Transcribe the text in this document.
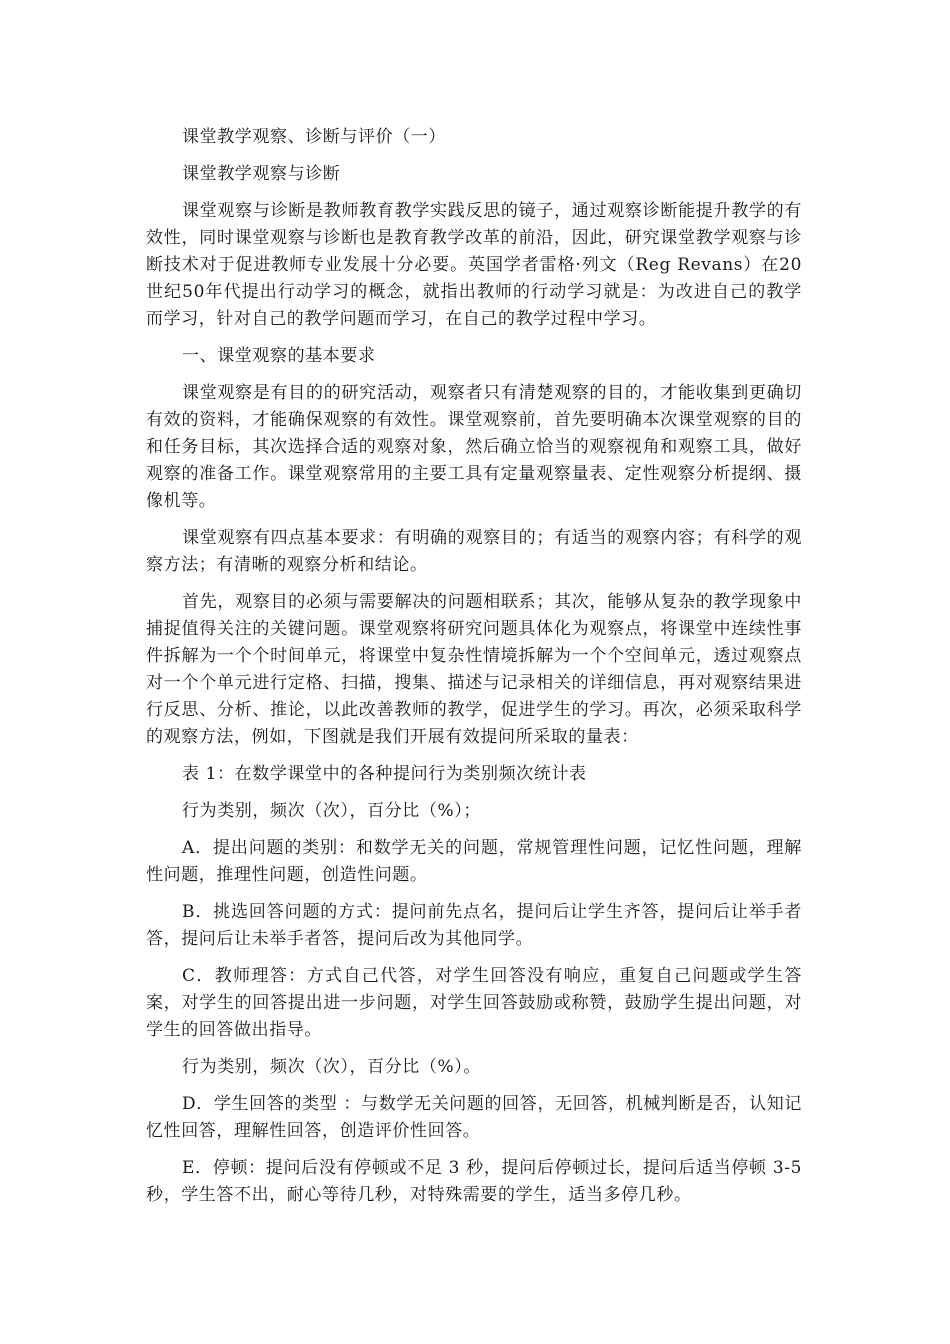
课堂教学观察、诊断与评价（一）

课堂教学观察与诊断

课堂观察与诊断是教师教育教学实践反思的镜子，通过观察诊断能提升教学的有效性，同时课堂观察与诊断也是教育教学改革的前沿，因此，研究课堂教学观察与诊断技术对于促进教师专业发展十分必要。英国学者雷格·列文（Reg Revans）在20世纪50年代提出行动学习的概念，就指出教师的行动学习就是：为改进自己的教学而学习，针对自己的教学问题而学习，在自己的教学过程中学习。

一、课堂观察的基本要求

课堂观察是有目的的研究活动，观察者只有清楚观察的目的，才能收集到更确切有效的资料，才能确保观察的有效性。课堂观察前，首先要明确本次课堂观察的目的和任务目标，其次选择合适的观察对象，然后确立恰当的观察视角和观察工具，做好观察的准备工作。课堂观察常用的主要工具有定量观察量表、定性观察分析提纲、摄像机等。

课堂观察有四点基本要求：有明确的观察目的；有适当的观察内容；有科学的观察方法；有清晰的观察分析和结论。

首先，观察目的必须与需要解决的问题相联系；其次，能够从复杂的教学现象中捕捉值得关注的关键问题。课堂观察将研究问题具体化为观察点，将课堂中连续性事件拆解为一个个时间单元，将课堂中复杂性情境拆解为一个个空间单元，透过观察点对一个个单元进行定格、扫描，搜集、描述与记录相关的详细信息，再对观察结果进行反思、分析、推论，以此改善教师的教学，促进学生的学习。再次，必须采取科学的观察方法，例如，下图就是我们开展有效提问所采取的量表：

表 1：在数学课堂中的各种提问行为类别频次统计表

行为类别，频次（次），百分比（%）；

A．提出问题的类别：和数学无关的问题，常规管理性问题，记忆性问题，理解性问题，推理性问题，创造性问题。

B．挑选回答问题的方式：提问前先点名，提问后让学生齐答，提问后让举手者答，提问后让未举手者答，提问后改为其他同学。

C．教师理答：方式自己代答，对学生回答没有响应，重复自己问题或学生答案，对学生的回答提出进一步问题，对学生回答鼓励或称赞，鼓励学生提出问题，对学生的回答做出指导。

行为类别，频次（次），百分比（%）。

D．学生回答的类型 ：与数学无关问题的回答，无回答，机械判断是否，认知记忆性回答，理解性回答，创造评价性回答。

E．停顿：提问后没有停顿或不足 3 秒，提问后停顿过长，提问后适当停顿 3-5 秒，学生答不出，耐心等待几秒，对特殊需要的学生，适当多停几秒。
